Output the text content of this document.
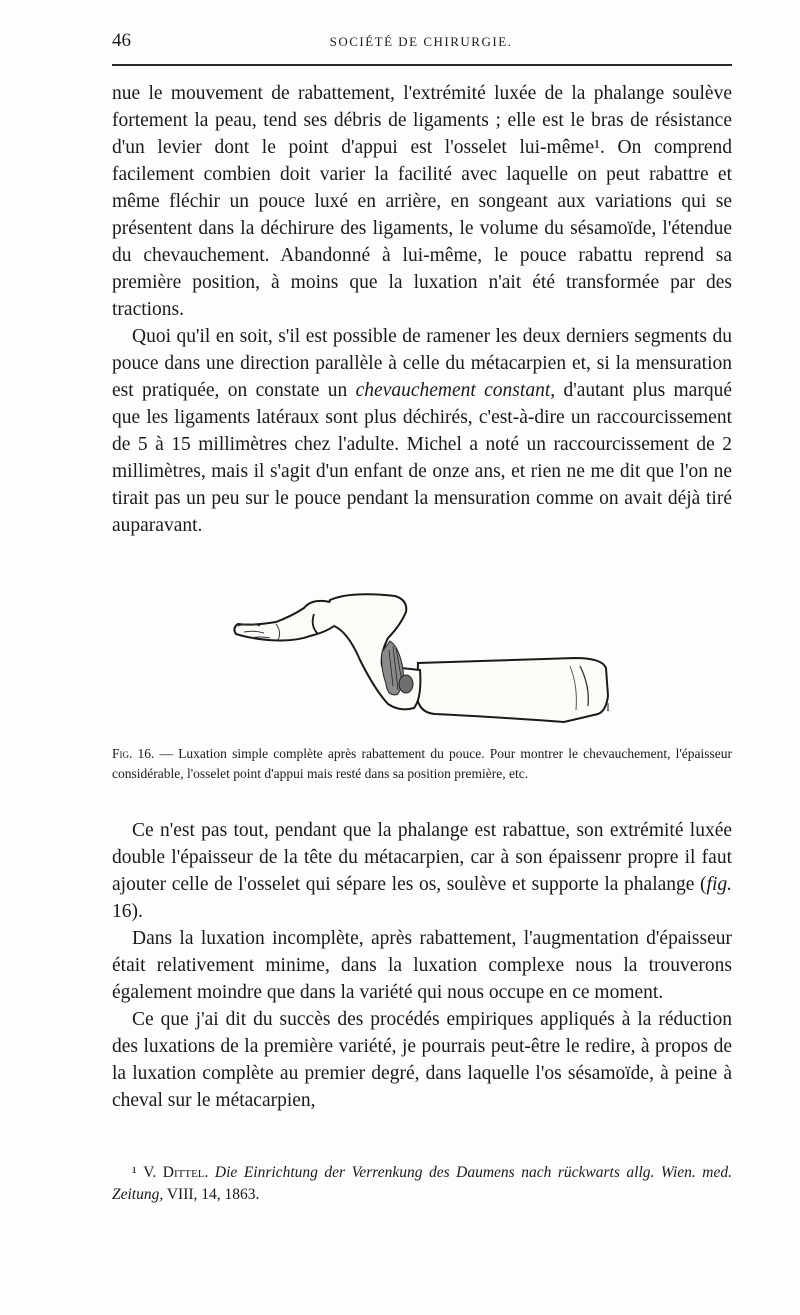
46	SOCIÉTÉ DE CHIRURGIE.

nue le mouvement de rabattement, l'extrémité luxée de la phalange soulève fortement la peau, tend ses débris de ligaments ; elle est le bras de résistance d'un levier dont le point d'appui est l'osselet lui-même¹. On comprend facilement combien doit varier la facilité avec laquelle on peut rabattre et même fléchir un pouce luxé en arrière, en songeant aux variations qui se présentent dans la déchirure des ligaments, le volume du sésamoïde, l'étendue du chevauchement. Abandonné à lui-même, le pouce rabattu reprend sa première position, à moins que la luxation n'ait été transformée par des tractions.

Quoi qu'il en soit, s'il est possible de ramener les deux derniers segments du pouce dans une direction parallèle à celle du métacarpien et, si la mensuration est pratiquée, on constate un chevauchement constant, d'autant plus marqué que les ligaments latéraux sont plus déchirés, c'est-à-dire un raccourcissement de 5 à 15 millimètres chez l'adulte. Michel a noté un raccourcissement de 2 millimètres, mais il s'agit d'un enfant de onze ans, et rien ne me dit que l'on ne tirait pas un peu sur le pouce pendant la mensuration comme on avait déjà tiré auparavant.

I
Fig. 16. — Luxation simple complète après rabattement du pouce. Pour montrer le chevauchement, l'épaisseur considérable, l'osselet point d'appui mais resté dans sa position première, etc.

Ce n'est pas tout, pendant que la phalange est rabattue, son extrémité luxée double l'épaisseur de la tête du métacarpien, car à son épaissenr propre il faut ajouter celle de l'osselet qui sépare les os, soulève et supporte la phalange (fig. 16).

Dans la luxation incomplète, après rabattement, l'augmentation d'épaisseur était relativement minime, dans la luxation complexe nous la trouverons également moindre que dans la variété qui nous occupe en ce moment.

Ce que j'ai dit du succès des procédés empiriques appliqués à la réduction des luxations de la première variété, je pourrais peut-être le redire, à propos de la luxation complète au premier degré, dans laquelle l'os sésamoïde, à peine à cheval sur le métacarpien,

¹ V. Dittel. Die Einrichtung der Verrenkung des Daumens nach rückwarts allg. Wien. med. Zeitung, VIII, 14, 1863.
